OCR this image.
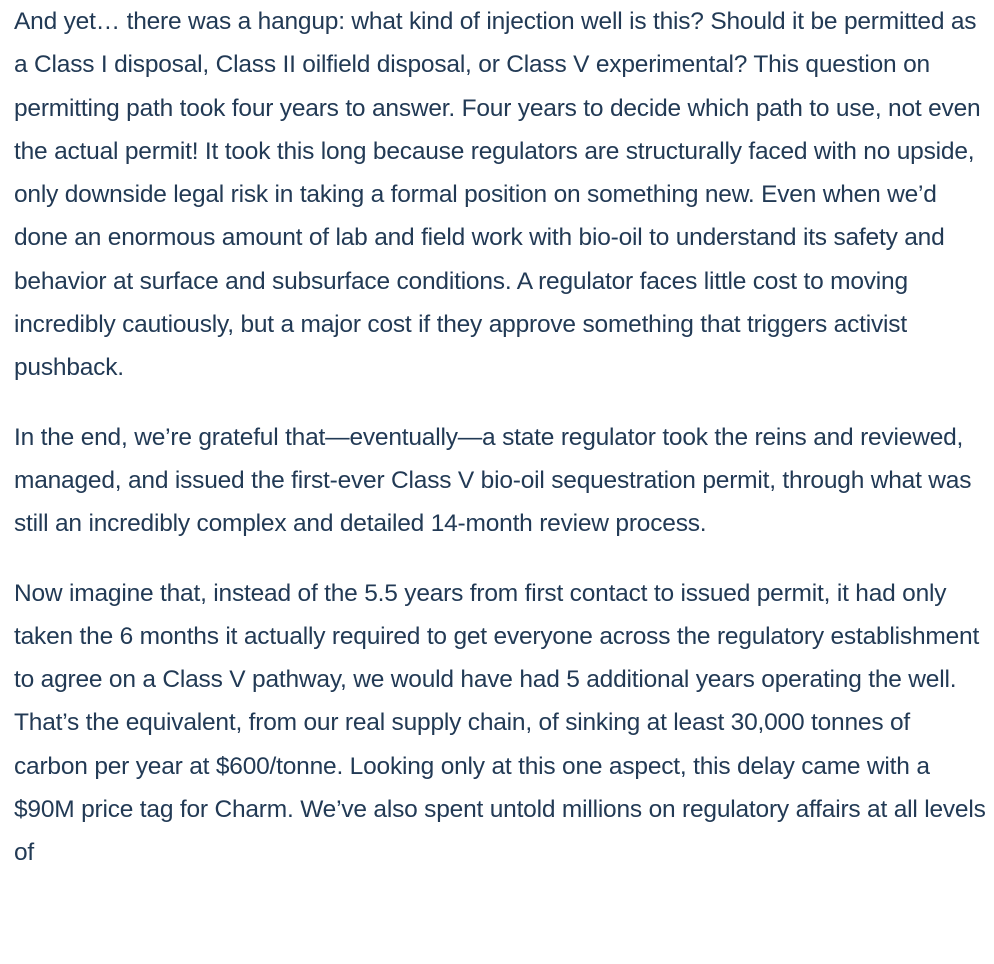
And yet… there was a hangup: what kind of injection well is this? Should it be permitted as a Class I disposal, Class II oilfield disposal, or Class V experimental? This question on permitting path took four years to answer. Four years to decide which path to use, not even the actual permit! It took this long because regulators are structurally faced with no upside, only downside legal risk in taking a formal position on something new. Even when we’d done an enormous amount of lab and field work with bio-oil to understand its safety and behavior at surface and subsurface conditions. A regulator faces little cost to moving incredibly cautiously, but a major cost if they approve something that triggers activist pushback.

In the end, we’re grateful that—eventually—a state regulator took the reins and reviewed, managed, and issued the first-ever Class V bio-oil sequestration permit, through what was still an incredibly complex and detailed 14-month review process.

Now imagine that, instead of the 5.5 years from first contact to issued permit, it had only taken the 6 months it actually required to get everyone across the regulatory establishment to agree on a Class V pathway, we would have had 5 additional years operating the well. That’s the equivalent, from our real supply chain, of sinking at least 30,000 tonnes of carbon per year at $600/tonne. Looking only at this one aspect, this delay came with a $90M price tag for Charm. We’ve also spent untold millions on regulatory affairs at all levels of
